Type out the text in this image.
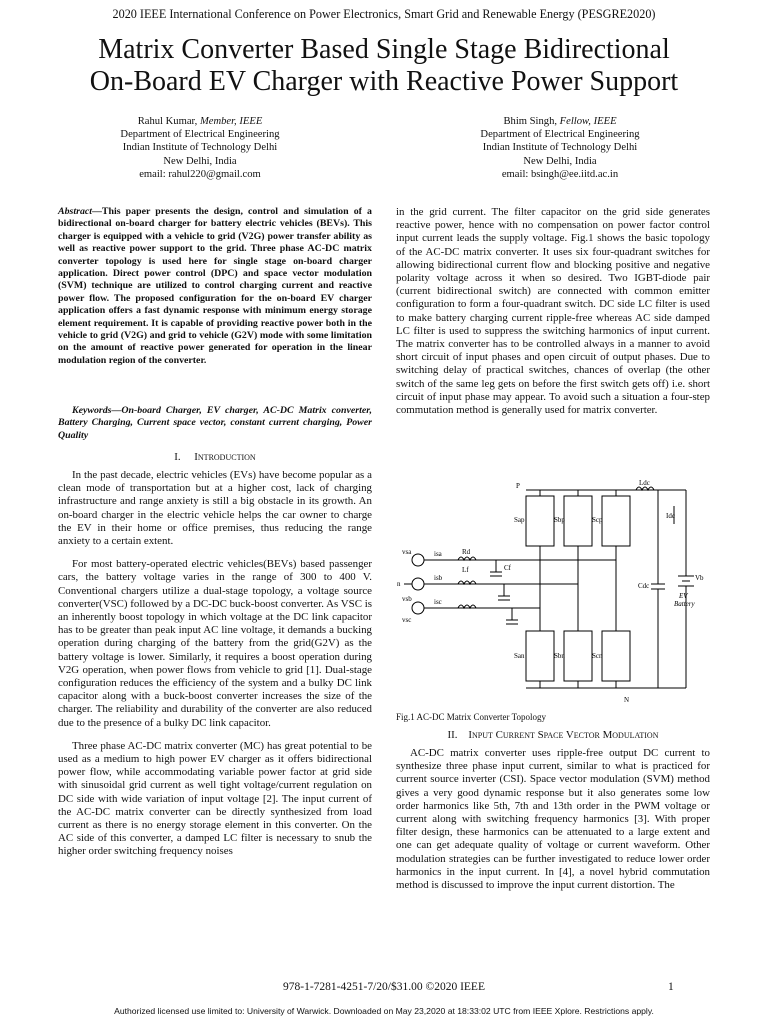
2020 IEEE International Conference on Power Electronics, Smart Grid and Renewable Energy (PESGRE2020)
Matrix Converter Based Single Stage Bidirectional
On-Board EV Charger with Reactive Power Support
Rahul Kumar, Member, IEEE
Department of Electrical Engineering
Indian Institute of Technology Delhi
New Delhi, India
email: rahul220@gmail.com
Bhim Singh, Fellow, IEEE
Department of Electrical Engineering
Indian Institute of Technology Delhi
New Delhi, India
email: bsingh@ee.iitd.ac.in

Abstract—This paper presents the design, control and simulation of a bidirectional on-board charger for battery electric vehicles (BEVs). This charger is equipped with a vehicle to grid (V2G) power transfer ability as well as reactive power support to the grid. Three phase AC-DC matrix converter topology is used here for single stage on-board charger application. Direct power control (DPC) and space vector modulation (SVM) technique are utilized to control charging current and reactive power flow. The proposed configuration for the on-board EV charger application offers a fast dynamic response with minimum energy storage element requirement. It is capable of providing reactive power both in the vehicle to grid (V2G) and grid to vehicle (G2V) mode with some limitation on the amount of reactive power generated for operation in the linear modulation region of the converter.

Keywords—On-board Charger, EV charger, AC-DC Matrix converter, Battery Charging, Current space vector, constant current charging, Power Quality

I. Introduction

In the past decade, electric vehicles (EVs) have become popular as a clean mode of transportation but at a higher cost, lack of charging infrastructure and range anxiety is still a big obstacle in its growth. An on-board charger in the electric vehicle helps the car owner to charge the EV in their home or office premises, thus reducing the range anxiety to a certain extent.

For most battery-operated electric vehicles(BEVs) based passenger cars, the battery voltage varies in the range of 300 to 400 V. Conventional chargers utilize a dual-stage topology, a voltage source converter(VSC) followed by a DC-DC buck-boost converter. As VSC is an inherently boost topology in which voltage at the DC link capacitor has to be greater than peak input AC line voltage, it demands a bucking operation during charging of the battery from the grid(G2V) as the battery voltage is lower. Similarly, it requires a boost operation during V2G operation, when power flows from vehicle to grid [1]. Dual-stage configuration reduces the efficiency of the system and a bulky DC link capacitor along with a buck-boost converter increases the size of the charger. The reliability and durability of the converter are also reduced due to the presence of a bulky DC link capacitor.

Three phase AC-DC matrix converter (MC) has great potential to be used as a medium to high power EV charger as it offers bidirectional power flow, while accommodating variable power factor at grid side with sinusoidal grid current as well tight voltage/current regulation on DC side with wide variation of input voltage [2]. The input current of the AC-DC matrix converter can be directly synthesized from load current as there is no energy storage element in this converter. On the AC side of this converter, a damped LC filter is necessary to snub the higher order switching frequency noises

in the grid current. The filter capacitor on the grid side generates reactive power, hence with no compensation on power factor control input current leads the supply voltage. Fig.1 shows the basic topology of the AC-DC matrix converter. It uses six four-quadrant switches for allowing bidirectional current flow and blocking positive and negative polarity voltage across it when so desired. Two IGBT-diode pair (current bidirectional switch) are connected with common emitter configuration to form a four-quadrant switch. DC side LC filter is used to make battery charging current ripple-free whereas AC side damped LC filter is used to suppress the switching harmonics of input current. The matrix converter has to be controlled always in a manner to avoid short circuit of input phases and open circuit of output phases. Due to switching delay of practical switches, chances of overlap (the other switch of the same leg gets on before the first switch gets off) i.e. short circuit of input phase may appear. To avoid such a situation a four-step commutation method is generally used for matrix converter.

P
N
n
Sap	Sbp	Scp
San	Sbn	Scn
Ldc
Cdc
Idc
Vb
EV
Battery
isa
isb
isc
vsa
vsb
vsc
Rd
Lf	Cf
Fig.1 AC-DC Matrix Converter Topology
II. Input Current Space Vector Modulation

AC-DC matrix converter uses ripple-free output DC current to synthesize three phase input current, similar to what is practiced for current source inverter (CSI). Space vector modulation (SVM) method gives a very good dynamic response but it also generates some low order harmonics like 5th, 7th and 13th order in the PWM voltage or current along with switching frequency harmonics [3]. With proper filter design, these harmonics can be attenuated to a large extent and one can get adequate quality of voltage or current waveform. Other modulation strategies can be further investigated to reduce lower order harmonics in the input current. In [4], a novel hybrid commutation method is discussed to improve the input current distortion. The

978-1-7281-4251-7/20/$31.00 ©2020 IEEE	1
Authorized licensed use limited to: University of Warwick. Downloaded on May 23,2020 at 18:33:02 UTC from IEEE Xplore. Restrictions apply.
